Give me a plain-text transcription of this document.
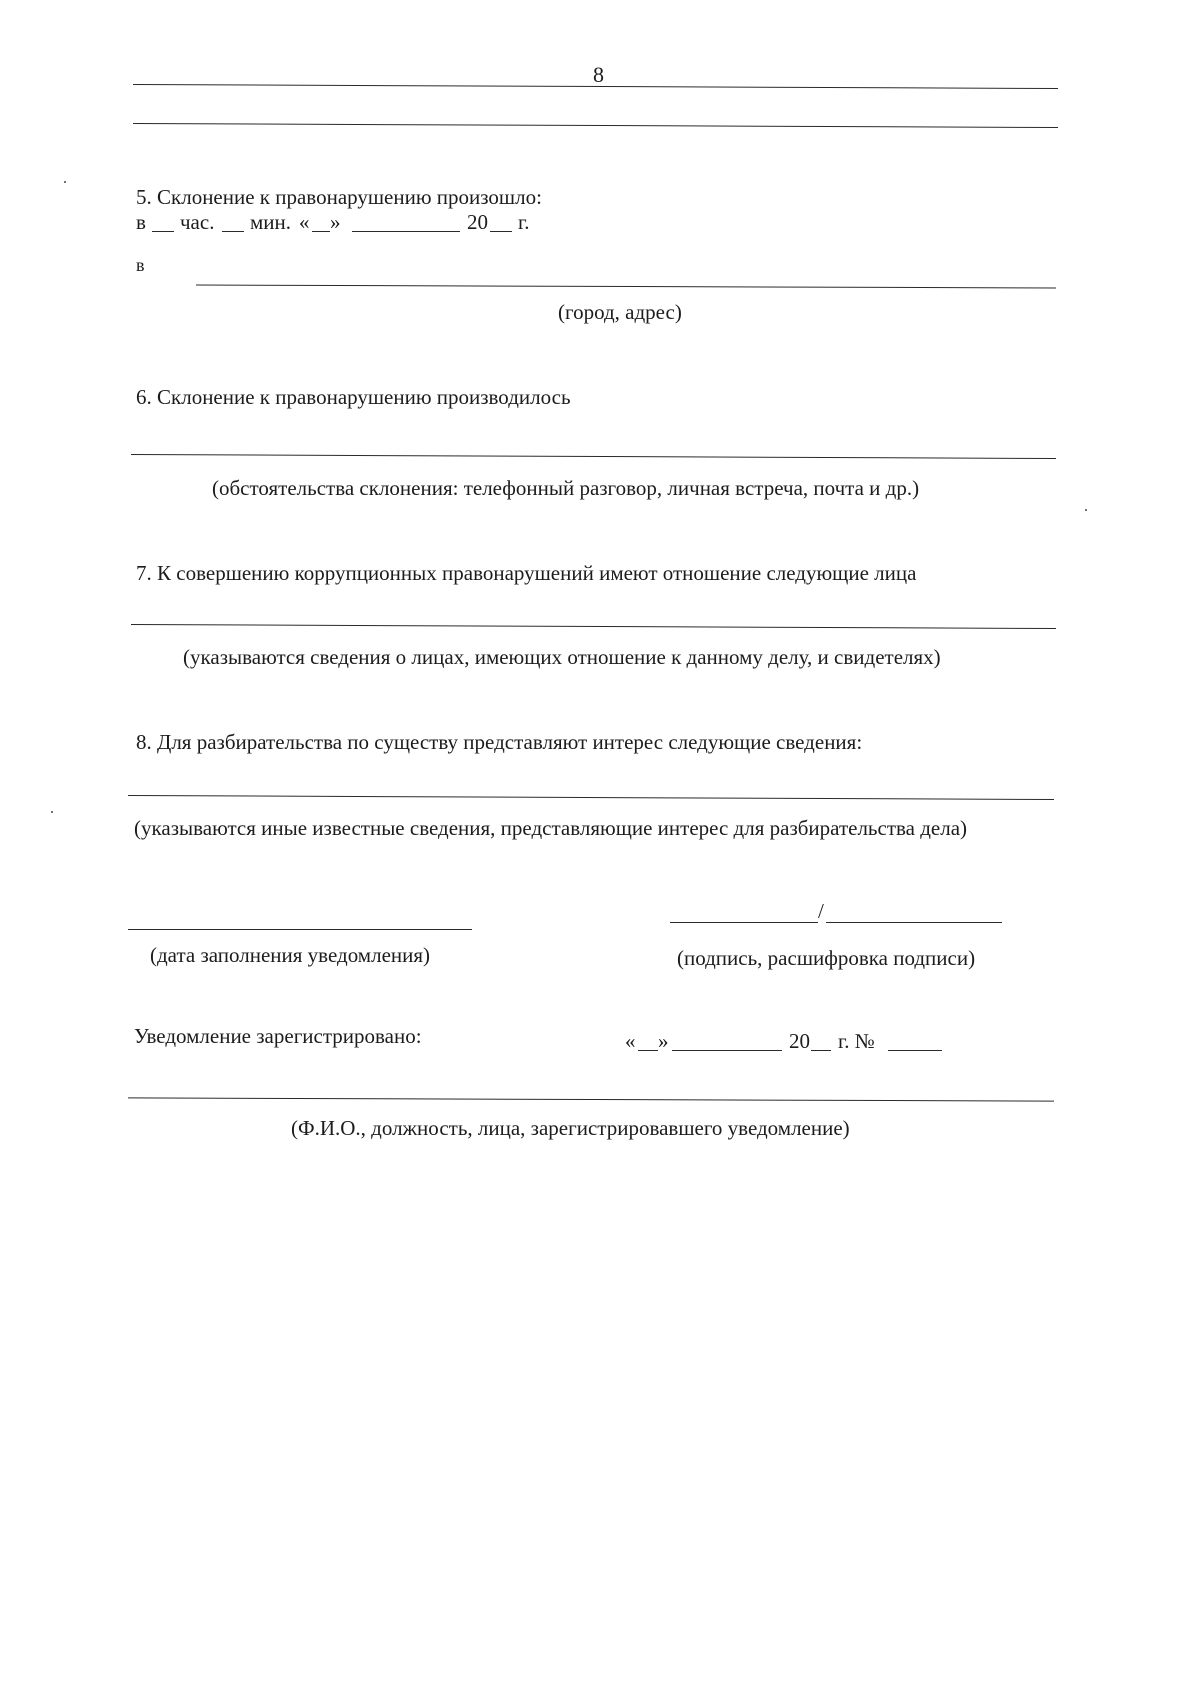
8
5. Склонение к правонарушению произошло:
в час. мин. « »	20 г.
в
(город, адрес)
6. Склонение к правонарушению производилось
(обстоятельства склонения: телефонный разговор, личная встреча, почта и др.)
7. К совершению коррупционных правонарушений имеют отношение следующие лица
(указываются сведения о лицах, имеющих отношение к данному делу, и свидетелях)
8. Для разбирательства по существу представляют интерес следующие сведения:
(указываются иные известные сведения, представляющие интерес для разбирательства дела)
(дата заполнения уведомления)
/
(подпись, расшифровка подписи)
Уведомление зарегистрировано:	« »	20 г. №
(Ф.И.О., должность, лица, зарегистрировавшего уведомление)
